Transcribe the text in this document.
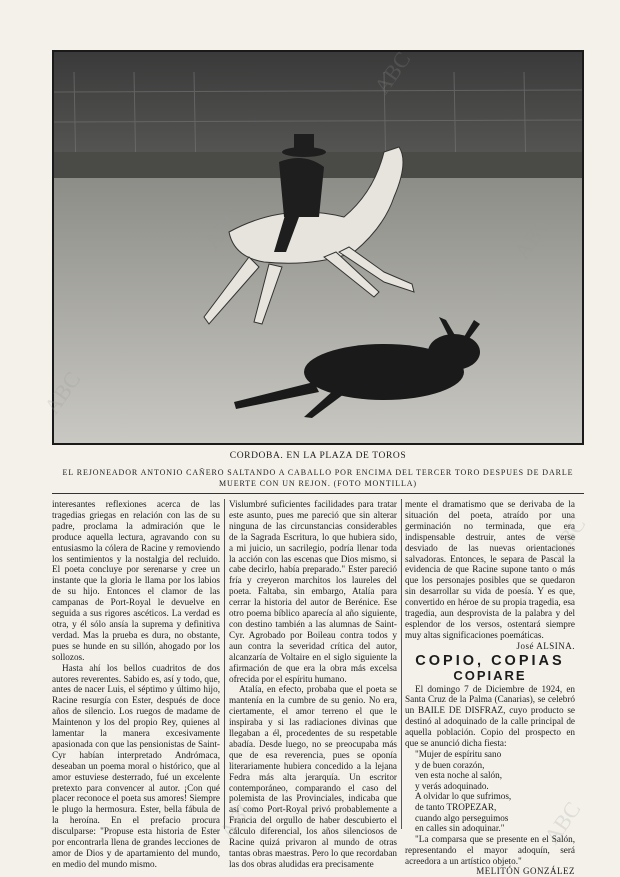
CORDOBA. EN LA PLAZA DE TOROS
EL REJONEADOR ANTONIO CAÑERO SALTANDO A CABALLO POR ENCIMA DEL TERCER TORO DESPUES DE DARLE MUERTE CON UN REJON. (FOTO MONTILLA)

interesantes reflexiones acerca de las tragedias griegas en relación con las de su padre, proclama la admiración que le produce aquella lectura, agravando con su entusiasmo la cólera de Racine y removiendo los sentimientos y la nostalgia del recluido. El poeta concluye por serenarse y cree un instante que la gloria le llama por los labios de su hijo. Entonces el clamor de las campanas de Port-Royal le devuelve en seguida a sus rigores ascéticos. La verdad es otra, y él sólo ansía la suprema y definitiva verdad. Mas la prueba es dura, no obstante, pues se hunde en su sillón, ahogado por los sollozos.

Hasta ahí los bellos cuadritos de dos autores reverentes. Sabido es, así y todo, que, antes de nacer Luis, el séptimo y último hijo, Racine resurgía con Ester, después de doce años de silencio. Los ruegos de madame de Maintenon y los del propio Rey, quienes al lamentar la manera excesivamente apasionada con que las pensionistas de Saint-Cyr habían interpretado Andrómaca, deseaban un poema moral o histórico, que al amor estuviese desterrado, fué un excelente pretexto para convencer al autor. ¡Con qué placer reconoce el poeta sus amores! Siempre le plugo la hermosura. Ester, bella fábula de la heroína. En el prefacio procura disculparse: "Propuse esta historia de Ester por encontrarla llena de grandes lecciones de amor de Dios y de apartamiento del mundo, en medio del mundo mismo.

Vislumbré suficientes facilidades para tratar este asunto, pues me pareció que sin alterar ninguna de las circunstancias considerables de la Sagrada Escritura, lo que hubiera sido, a mi juicio, un sacrilegio, podría llenar toda la acción con las escenas que Dios mismo, si cabe decirlo, había preparado." Ester pareció fría y creyeron marchitos los laureles del poeta. Faltaba, sin embargo, Atalía para cerrar la historia del autor de Berénice. Ese otro poema bíblico aparecía al año siguiente, con destino también a las alumnas de Saint-Cyr. Agrobado por Boileau contra todos y aun contra la severidad crítica del autor, alcanzaría de Voltaire en el siglo siguiente la afirmación de que era la obra más excelsa ofrecida por el espíritu humano.

Atalía, en efecto, probaba que el poeta se mantenía en la cumbre de su genio. No era, ciertamente, el amor terreno el que le inspiraba y si las radiaciones divinas que llegaban a él, procedentes de su respetable abadía. Desde luego, no se preocupaba más que de esa reverencia, pues se oponía literariamente hubiera concedido a la lejana Fedra más alta jerarquía. Un escritor contemporáneo, comparando el caso del polemista de las Provinciales, indicaba que así como Port-Royal privó probablemente a Francia del orgullo de haber descubierto el cálculo diferencial, los años silenciosos de Racine quizá privaron al mundo de otras tantas obras maestras. Pero lo que recordaban las dos obras aludidas era precisamente

mente el dramatismo que se derivaba de la situación del poeta, atraído por una germinación no terminada, que era indispensable destruir, antes de verse desviado de las nuevas orientaciones salvadoras. Entonces, le separa de Pascal la evidencia de que Racine supone tanto o más que los personajes posibles que se quedaron sin desarrollar su vida de poesía. Y es que, convertido en héroe de su propia tragedia, esa tragedia, aun desprovista de la palabra y del esplendor de los versos, ostentará siempre muy altas significaciones poemáticas.

José ALSINA.

COPIO, COPIAS
COPIARE

El domingo 7 de Diciembre de 1924, en Santa Cruz de la Palma (Canarias), se celebró un BAILE DE DISFRAZ, cuyo producto se destinó al adoquinado de la calle principal de aquella población. Copio del prospecto en que se anunció dicha fiesta:

"Mujer de espíritu sano
y de buen corazón,
ven esta noche al salón,
y verás adoquinado.
A olvidar lo que sufrimos,
de tanto TROPEZAR,
cuando algo perseguimos
en calles sin adoquinar."

"La comparsa que se presente en el Salón, representando el mayor adoquín, será acreedora a un artístico objeto."

MELITÓN GONZÁLEZ

ABC
ABC
ABC
ABC
ABC
ABC	ABC
